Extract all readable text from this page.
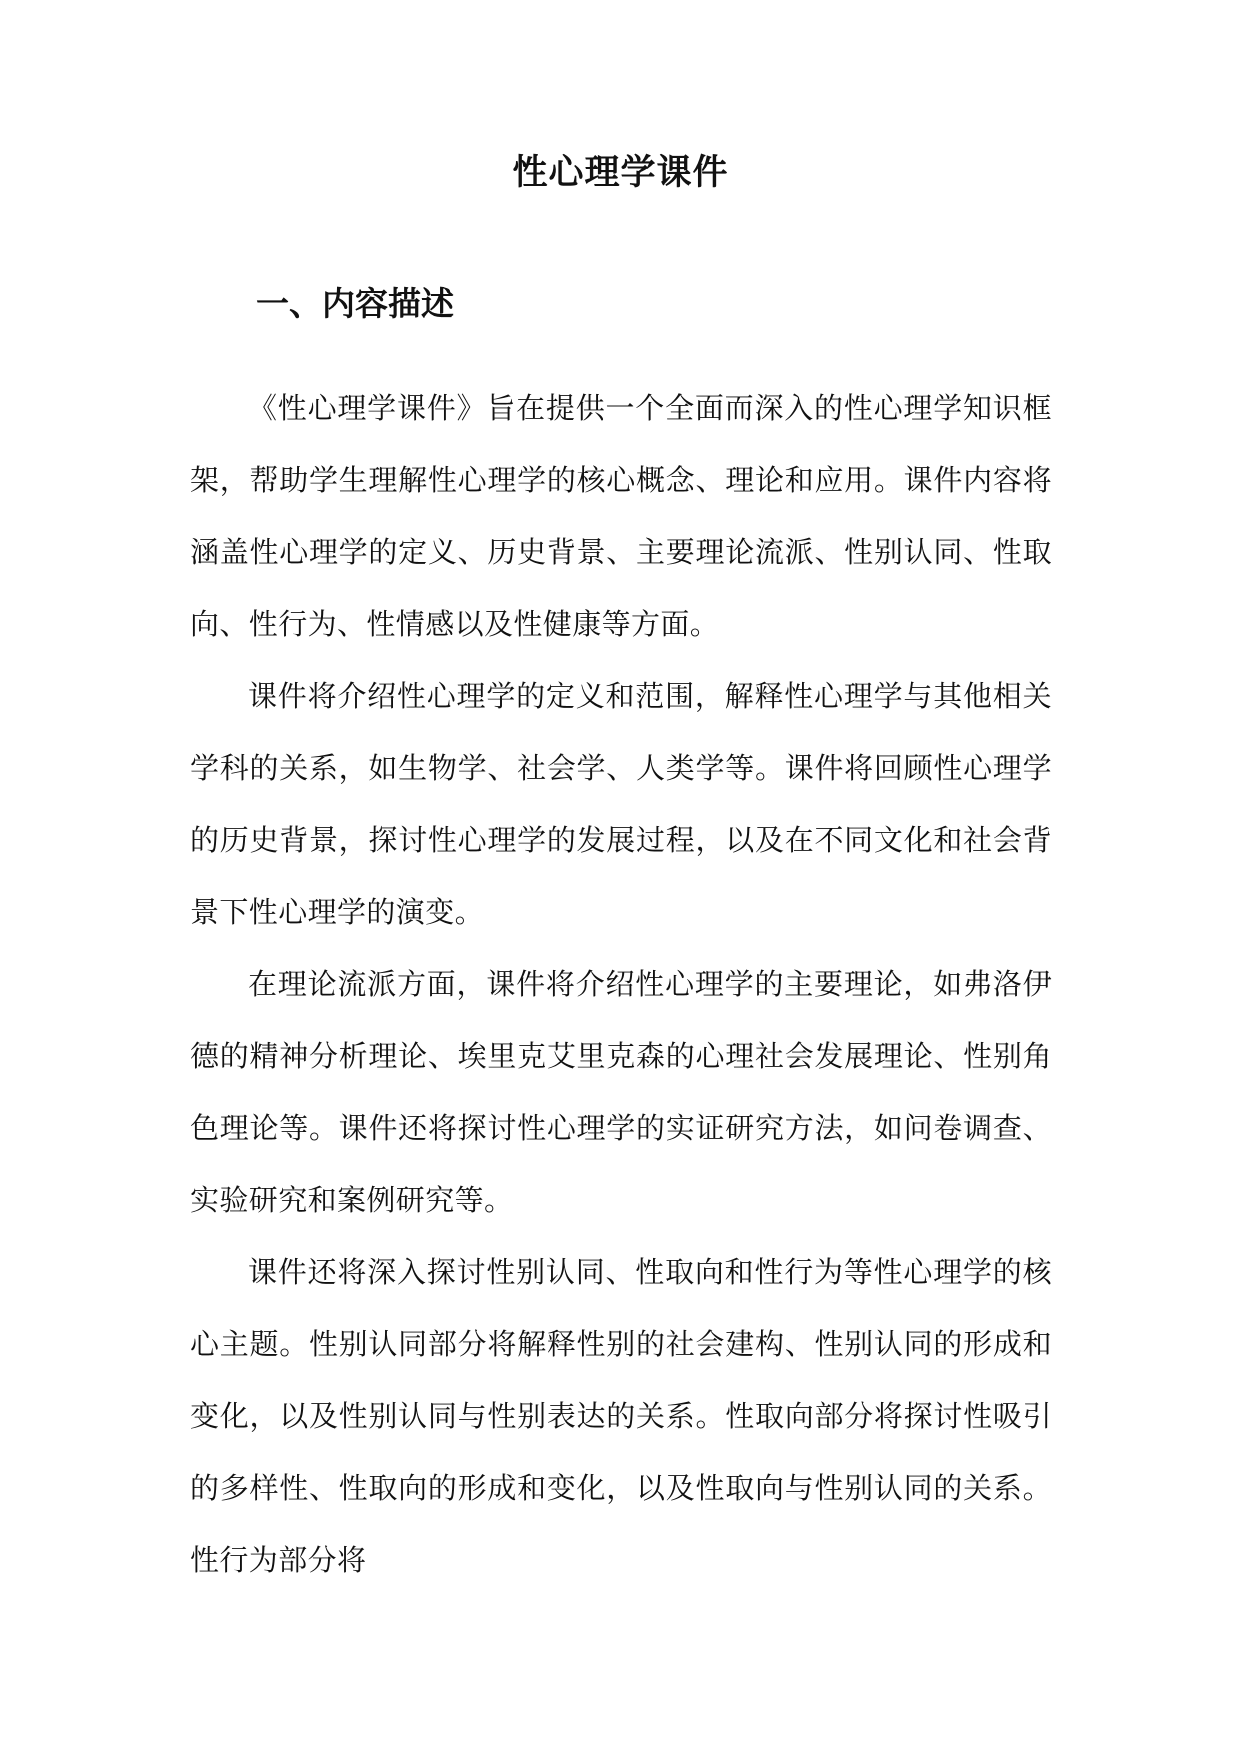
性心理学课件
一、内容描述

《性心理学课件》旨在提供一个全面而深入的性心理学知识框架，帮助学生理解性心理学的核心概念、理论和应用。课件内容将涵盖性心理学的定义、历史背景、主要理论流派、性别认同、性取向、性行为、性情感以及性健康等方面。

课件将介绍性心理学的定义和范围，解释性心理学与其他相关学科的关系，如生物学、社会学、人类学等。课件将回顾性心理学的历史背景，探讨性心理学的发展过程，以及在不同文化和社会背景下性心理学的演变。

在理论流派方面，课件将介绍性心理学的主要理论，如弗洛伊德的精神分析理论、埃里克艾里克森的心理社会发展理论、性别角色理论等。课件还将探讨性心理学的实证研究方法，如问卷调查、实验研究和案例研究等。

课件还将深入探讨性别认同、性取向和性行为等性心理学的核心主题。性别认同部分将解释性别的社会建构、性别认同的形成和变化，以及性别认同与性别表达的关系。性取向部分将探讨性吸引的多样性、性取向的形成和变化，以及性取向与性别认同的关系。性行为部分将
